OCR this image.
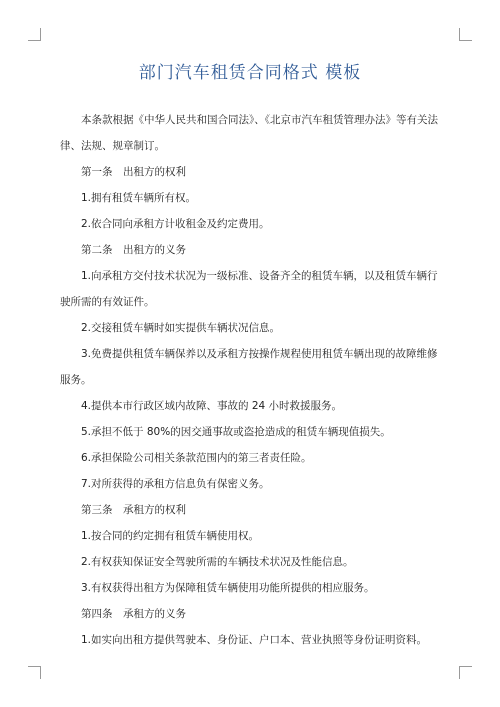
部门汽车租赁合同格式 模板

本条款根据《中华人民共和国合同法》、《北京市汽车租赁管理办法》等有关法律、法规、规章制订。

第一条　出租方的权利

1.拥有租赁车辆所有权。

2.依合同向承租方计收租金及约定费用。

第二条　出租方的义务

1.向承租方交付技术状况为一级标准、设备齐全的租赁车辆，以及租赁车辆行驶所需的有效证件。

2.交接租赁车辆时如实提供车辆状况信息。

3.免费提供租赁车辆保养以及承租方按操作规程使用租赁车辆出现的故障维修服务。

4.提供本市行政区域内故障、事故的 24 小时救援服务。

5.承担不低于 80%的因交通事故或盗抢造成的租赁车辆现值损失。

6.承担保险公司相关条款范围内的第三者责任险。

7.对所获得的承租方信息负有保密义务。

第三条　承租方的权利

1.按合同的约定拥有租赁车辆使用权。

2.有权获知保证安全驾驶所需的车辆技术状况及性能信息。

3.有权获得出租方为保障租赁车辆使用功能所提供的相应服务。

第四条　承租方的义务

1.如实向出租方提供驾驶本、身份证、户口本、营业执照等身份证明资料。
